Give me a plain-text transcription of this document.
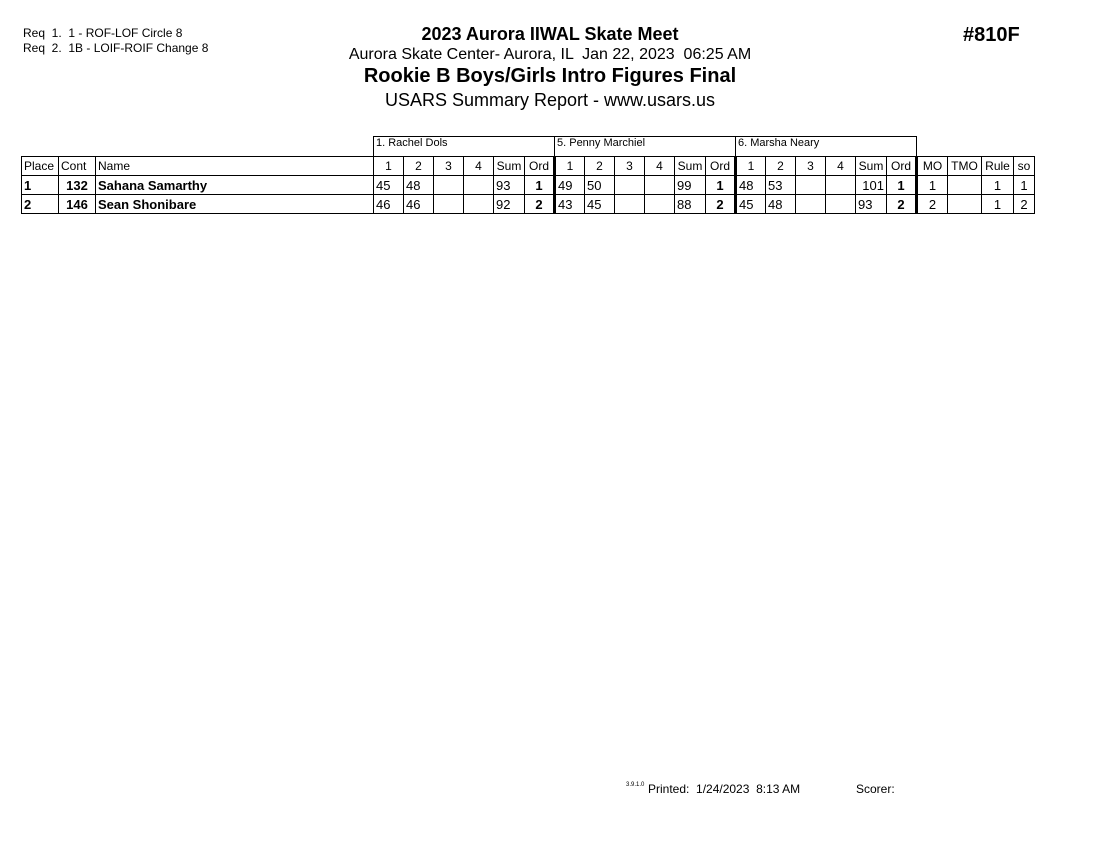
Req  1.  1 - ROF-LOF Circle 8
Req  2.  1B - LOIF-ROIF Change 8
2023 Aurora IIWAL Skate Meet
Aurora Skate Center- Aurora, IL  Jan 22, 2023  06:25 AM
Rookie B Boys/Girls Intro Figures Final
USARS Summary Report - www.usars.us
#810F
			1. Rachel Dols						5. Penny Marchiel						6. Marsha Neary									
Place	Cont	Name	1	2	3	4	Sum	Ord	1	2	3	4	Sum	Ord	1	2	3	4	Sum	Ord	MO	TMO	Rule	so
1	132	Sahana Samarthy	45	48			93	1	49	50			99	1	48	53			101	1	1		1	1
2	146	Sean Shonibare	46	46			92	2	43	45			88	2	45	48			93	2	2		1	2
3.9.1.0 Printed:  1/24/2023  8:13 AM	Scorer:
